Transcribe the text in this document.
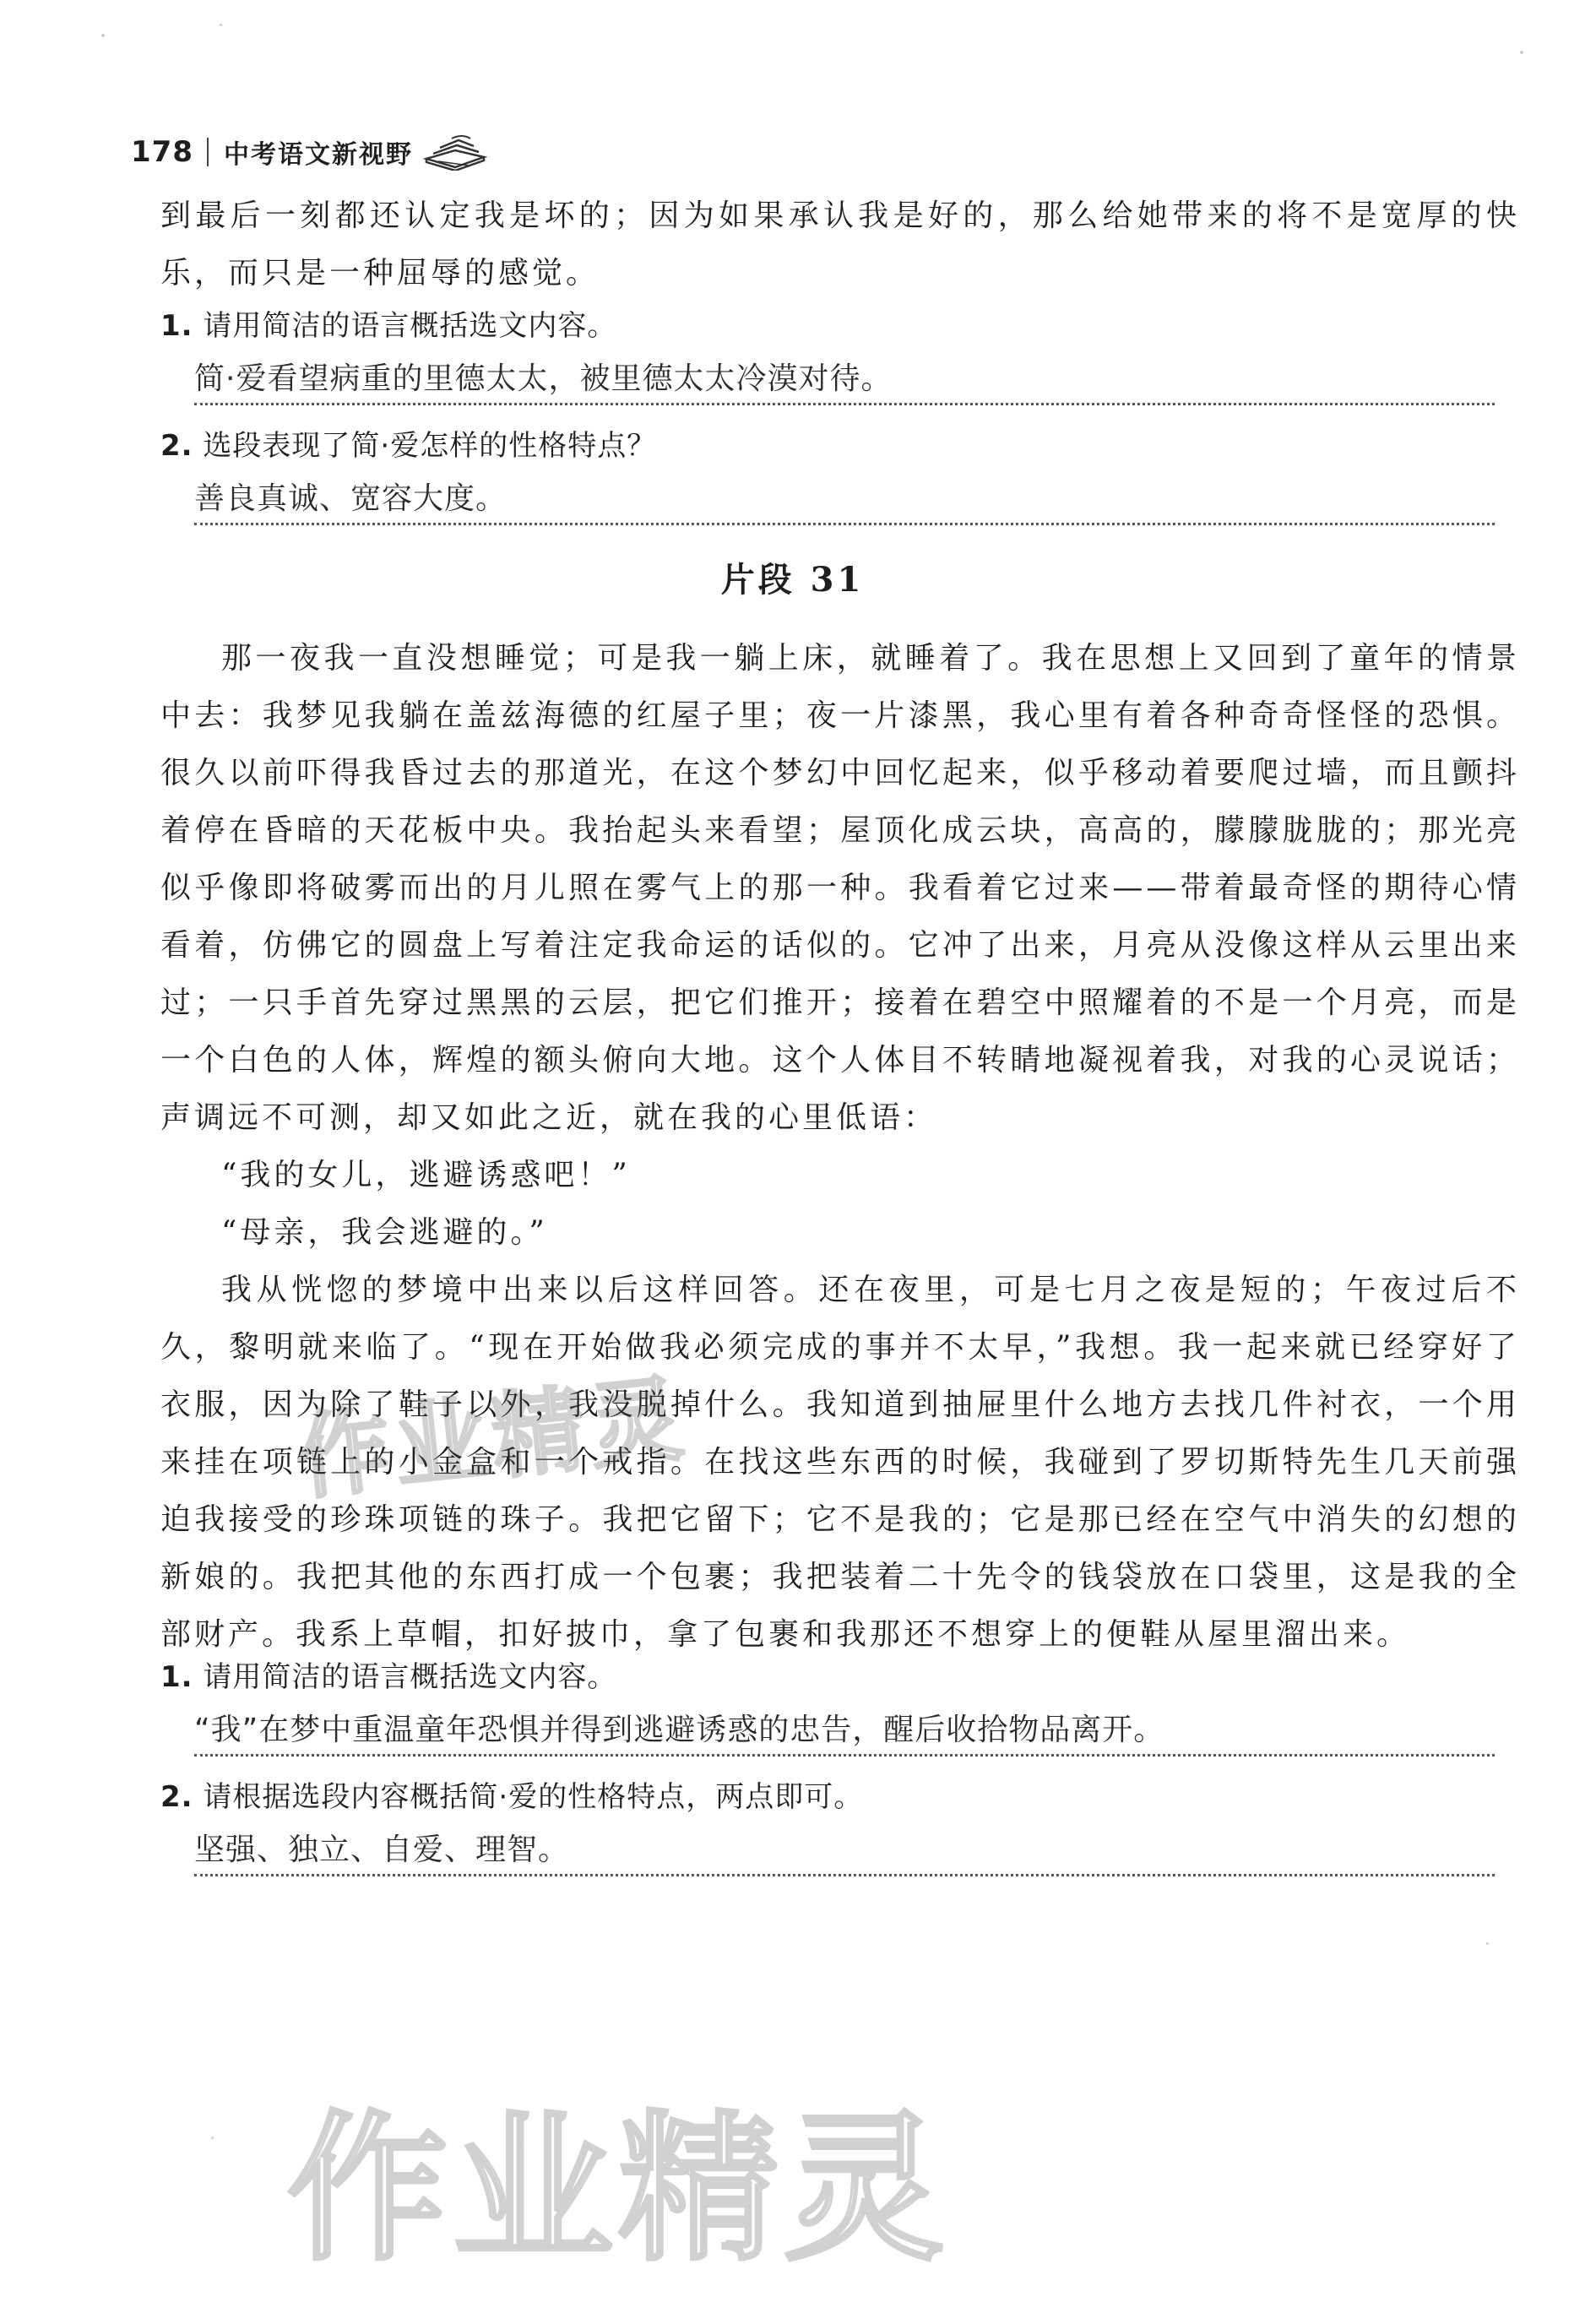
178 中考语文新视野

到最后一刻都还认定我是坏的；因为如果承认我是好的，那么给她带来的将不是宽厚的快乐，而只是一种屈辱的感觉。

1. 请用简洁的语言概括选文内容。
简·爱看望病重的里德太太，被里德太太冷漠对待。
2. 选段表现了简·爱怎样的性格特点？
善良真诚、宽容大度。
片段 31

那一夜我一直没想睡觉；可是我一躺上床，就睡着了。我在思想上又回到了童年的情景中去：我梦见我躺在盖兹海德的红屋子里；夜一片漆黑，我心里有着各种奇奇怪怪的恐惧。很久以前吓得我昏过去的那道光，在这个梦幻中回忆起来，似乎移动着要爬过墙，而且颤抖着停在昏暗的天花板中央。我抬起头来看望；屋顶化成云块，高高的，朦朦胧胧的；那光亮似乎像即将破雾而出的月儿照在雾气上的那一种。我看着它过来——带着最奇怪的期待心情看着，仿佛它的圆盘上写着注定我命运的话似的。它冲了出来，月亮从没像这样从云里出来过；一只手首先穿过黑黑的云层，把它们推开；接着在碧空中照耀着的不是一个月亮，而是一个白色的人体，辉煌的额头俯向大地。这个人体目不转睛地凝视着我，对我的心灵说话；声调远不可测，却又如此之近，就在我的心里低语：

“我的女儿，逃避诱惑吧！”

“母亲，我会逃避的。”

我从恍惚的梦境中出来以后这样回答。还在夜里，可是七月之夜是短的；午夜过后不久，黎明就来临了。“现在开始做我必须完成的事并不太早，”我想。我一起来就已经穿好了衣服，因为除了鞋子以外，我没脱掉什么。我知道到抽屉里什么地方去找几件衬衣，一个用来挂在项链上的小金盒和一个戒指。在找这些东西的时候，我碰到了罗切斯特先生几天前强迫我接受的珍珠项链的珠子。我把它留下；它不是我的；它是那已经在空气中消失的幻想的新娘的。我把其他的东西打成一个包裹；我把装着二十先令的钱袋放在口袋里，这是我的全部财产。我系上草帽，扣好披巾，拿了包裹和我那还不想穿上的便鞋从屋里溜出来。

1. 请用简洁的语言概括选文内容。
“我”在梦中重温童年恐惧并得到逃避诱惑的忠告，醒后收拾物品离开。
2. 请根据选段内容概括简·爱的性格特点，两点即可。
坚强、独立、自爱、理智。
作业精灵
作业精灵
